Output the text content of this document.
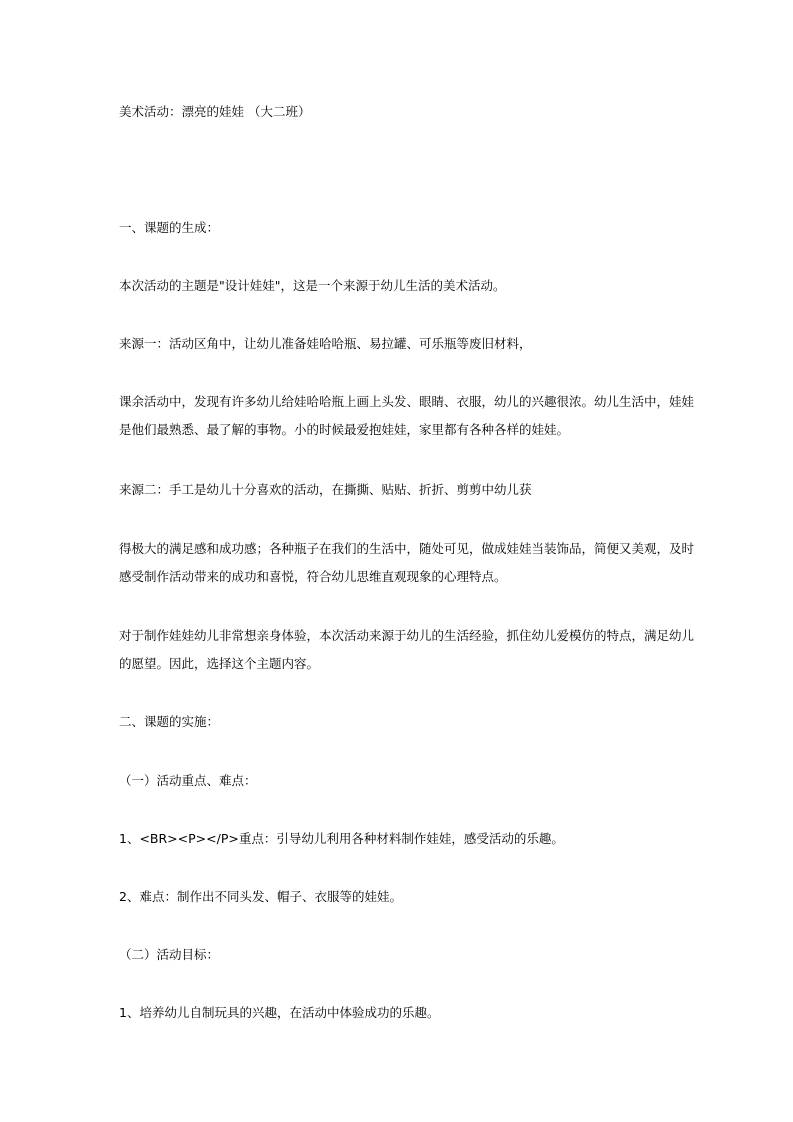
美术活动：漂亮的娃娃 （大二班）
一、课题的生成：
本次活动的主题是"设计娃娃"，这是一个来源于幼儿生活的美术活动。
来源一：活动区角中，让幼儿准备娃哈哈瓶、易拉罐、可乐瓶等废旧材料，
课余活动中，发现有许多幼儿给娃哈哈瓶上画上头发、眼睛、衣服，幼儿的兴趣很浓。幼儿生活中，娃娃
是他们最熟悉、最了解的事物。小的时候最爱抱娃娃，家里都有各种各样的娃娃。
来源二：手工是幼儿十分喜欢的活动，在撕撕、贴贴、折折、剪剪中幼儿获
得极大的满足感和成功感；各种瓶子在我们的生活中，随处可见，做成娃娃当装饰品，简便又美观，及时
感受制作活动带来的成功和喜悦，符合幼儿思维直观现象的心理特点。
对于制作娃娃幼儿非常想亲身体验，本次活动来源于幼儿的生活经验，抓住幼儿爱模仿的特点，满足幼儿
的愿望。因此，选择这个主题内容。
二、课题的实施：
（一）活动重点、难点：
1、<BR><P></P>重点：引导幼儿利用各种材料制作娃娃，感受活动的乐趣。
2、难点：制作出不同头发、帽子、衣服等的娃娃。
（二）活动目标：
1、培养幼儿自制玩具的兴趣，在活动中体验成功的乐趣。
